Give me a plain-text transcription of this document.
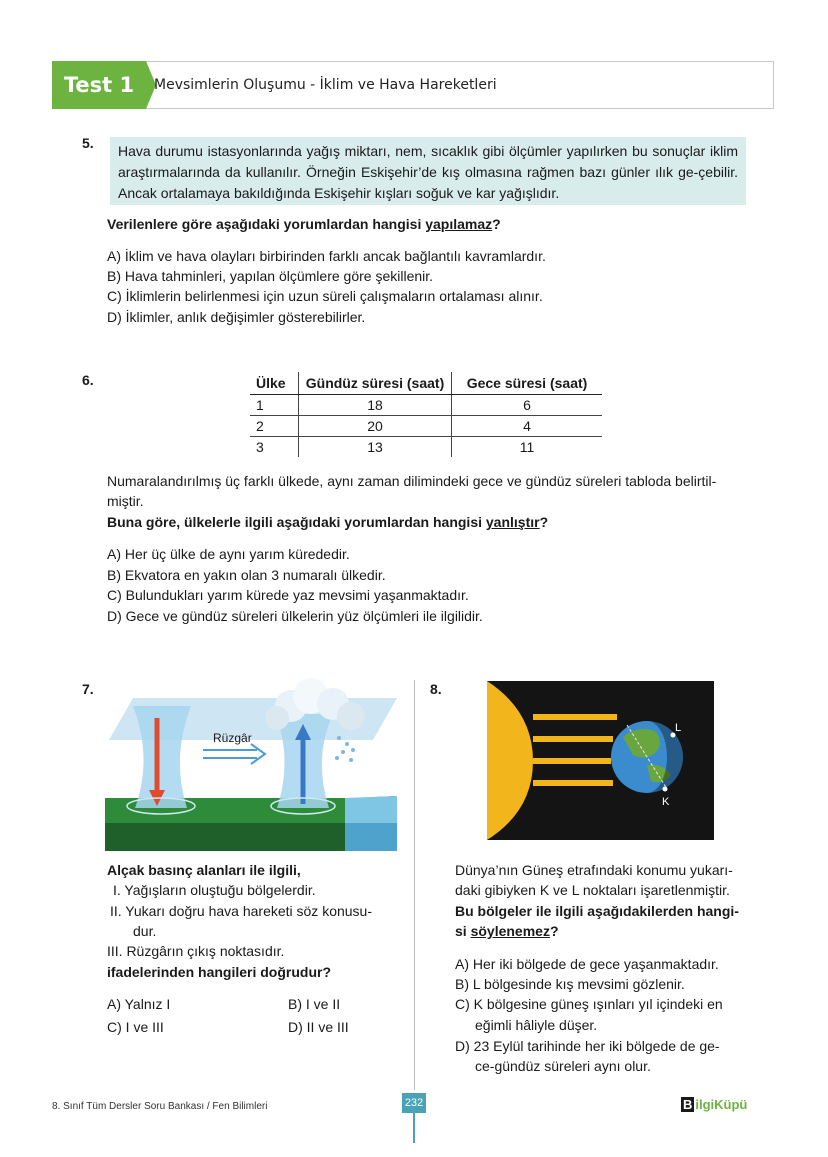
Test 1	Mevsimlerin Oluşumu - İklim ve Hava Hareketleri
5.	Hava durumu istasyonlarında yağış miktarı, nem, sıcaklık gibi ölçümler yapılırken bu sonuçlar iklim araştırmalarında da kullanılır. Örneğin Eskişehir’de kış olmasına rağmen bazı günler ılık ge-çebilir. Ancak ortalamaya bakıldığında Eskişehir kışları soğuk ve kar yağışlıdır.
Verilenlere göre aşağıdaki yorumlardan hangisi yapılamaz?
A) İklim ve hava olayları birbirinden farklı ancak bağlantılı kavramlardır.
B) Hava tahminleri, yapılan ölçümlere göre şekillenir.
C) İklimlerin belirlenmesi için uzun süreli çalışmaların ortalaması alınır.
D) İklimler, anlık değişimler gösterebilirler.
6.	Ülke	Gündüz süresi (saat)	Gece süresi (saat)
1	18	6
2	20	4
3	13	11
Numaralandırılmış üç farklı ülkede, aynı zaman dilimindeki gece ve gündüz süreleri tabloda belirtil-
miştir.
Buna göre, ülkelerle ilgili aşağıdaki yorumlardan hangisi yanlıştır?
A) Her üç ülke de aynı yarım kürededir.
B) Ekvatora en yakın olan 3 numaralı ülkedir.
C) Bulundukları yarım kürede yaz mevsimi yaşanmaktadır.
D) Gece ve gündüz süreleri ülkelerin yüz ölçümleri ile ilgilidir.
7.
Rüzgâr
Alçak basınç alanları ile ilgili,
I. Yağışların oluştuğu bölgelerdir.
II. Yukarı doğru hava hareketi söz konusu-
dur.
III. Rüzgârın çıkış noktasıdır.
ifadelerinden hangileri doğrudur?
A) Yalnız I	B) I ve II
C) I ve III	D) II ve III
8.
L
K
Dünya’nın Güneş etrafındaki konumu yukarı-
daki gibiyken K ve L noktaları işaretlenmiştir.
Bu bölgeler ile ilgili aşağıdakilerden hangi-
si söylenemez?
A) Her iki bölgede de gece yaşanmaktadır.
B) L bölgesinde kış mevsimi gözlenir.
C) K bölgesine güneş ışınları yıl içindeki en
eğimli hâliyle düşer.
D) 23 Eylül tarihinde her iki bölgede de ge-
ce-gündüz süreleri aynı olur.
8. Sınıf Tüm Dersler Soru Bankası / Fen Bilimleri	232	B ilgiKüpü
